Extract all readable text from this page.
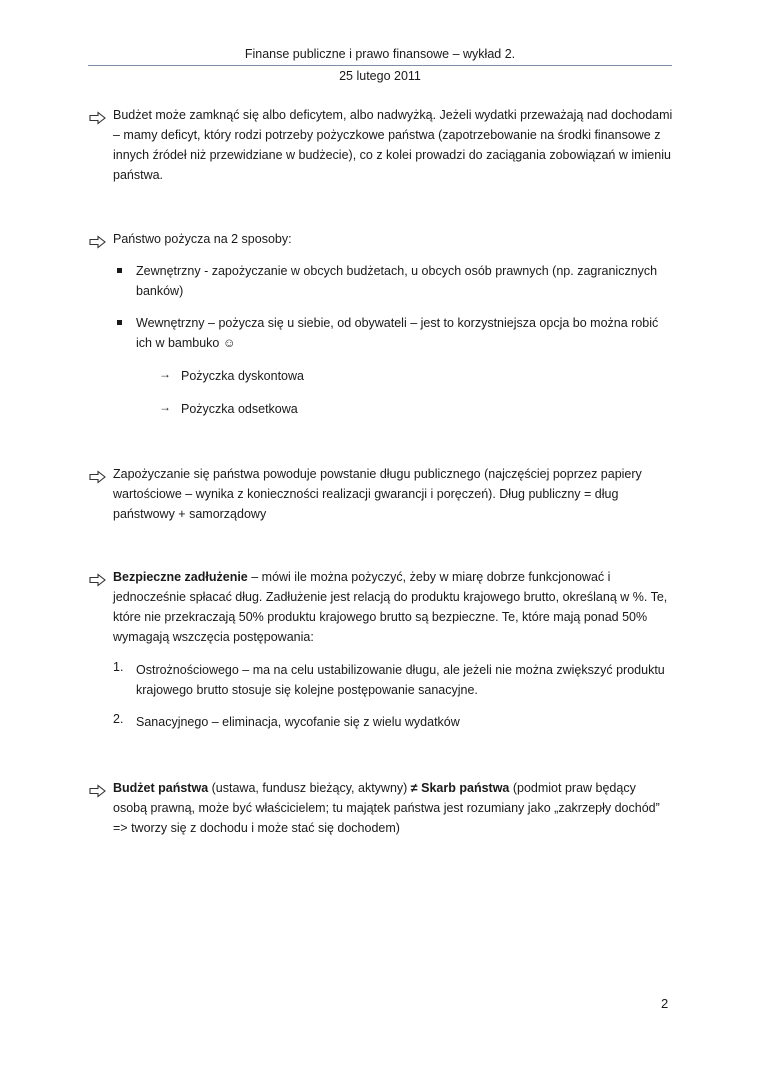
Finanse publiczne i prawo finansowe – wykład 2.
25 lutego 2011
Budżet może zamknąć się albo deficytem, albo nadwyżką. Jeżeli wydatki przeważają nad dochodami – mamy deficyt, który rodzi potrzeby pożyczkowe państwa (zapotrzebowanie na środki finansowe z innych źródeł niż przewidziane w budżecie), co z kolei prowadzi do zaciągania zobowiązań w imieniu państwa.
Państwo pożycza na 2 sposoby:
Zewnętrzny - zapożyczanie w obcych budżetach, u obcych osób prawnych (np. zagranicznych banków)
Wewnętrzny – pożycza się u siebie, od obywateli – jest to korzystniejsza opcja bo można robić ich w bambuko ☺
→ Pożyczka dyskontowa
→ Pożyczka odsetkowa
Zapożyczanie się państwa powoduje powstanie długu publicznego (najczęściej poprzez papiery wartościowe – wynika z konieczności realizacji gwarancji i poręczeń). Dług publiczny = dług państwowy + samorządowy
Bezpieczne zadłużenie – mówi ile można pożyczyć, żeby w miarę dobrze funkcjonować i jednocześnie spłacać dług. Zadłużenie jest relacją do produktu krajowego brutto, określaną w %. Te, które nie przekraczają 50% produktu krajowego brutto są bezpieczne. Te, które mają ponad 50% wymagają wszczęcia postępowania:
1. Ostrożnościowego – ma na celu ustabilizowanie długu, ale jeżeli nie można zwiększyć produktu krajowego brutto stosuje się kolejne postępowanie sanacyjne.
2. Sanacyjnego – eliminacja, wycofanie się z wielu wydatków
Budżet państwa (ustawa, fundusz bieżący, aktywny) ≠ Skarb państwa (podmiot praw będący osobą prawną, może być właścicielem; tu majątek państwa jest rozumiany jako „zakrzepły dochód” => tworzy się z dochodu i może stać się dochodem)
2
